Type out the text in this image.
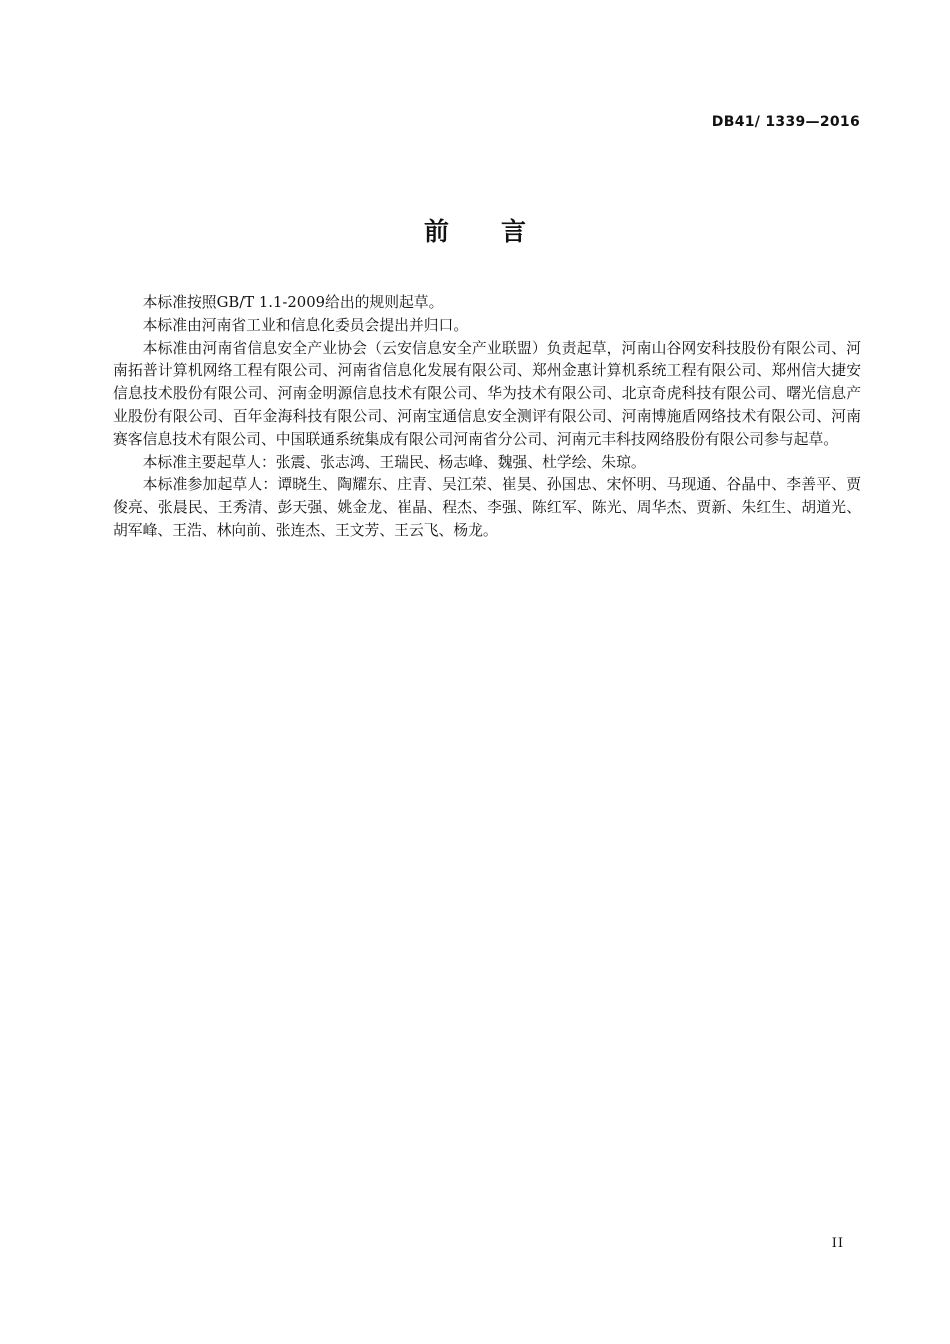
DB41/ 1339—2016
前 言

本标准按照GB/T 1.1-2009给出的规则起草。

本标准由河南省工业和信息化委员会提出并归口。

本标准由河南省信息安全产业协会（云安信息安全产业联盟）负责起草，河南山谷网安科技股份有限公司、河南拓普计算机网络工程有限公司、河南省信息化发展有限公司、郑州金惠计算机系统工程有限公司、郑州信大捷安信息技术股份有限公司、河南金明源信息技术有限公司、华为技术有限公司、北京奇虎科技有限公司、曙光信息产业股份有限公司、百年金海科技有限公司、河南宝通信息安全测评有限公司、河南博施盾网络技术有限公司、河南赛客信息技术有限公司、中国联通系统集成有限公司河南省分公司、河南元丰科技网络股份有限公司参与起草。

本标准主要起草人：张震、张志鸿、王瑞民、杨志峰、魏强、杜学绘、朱琼。

本标准参加起草人：谭晓生、陶耀东、庄青、吴江荣、崔昊、孙国忠、宋怀明、马现通、谷晶中、李善平、贾俊亮、张晨民、王秀清、彭天强、姚金龙、崔晶、程杰、李强、陈红军、陈光、周华杰、贾新、朱红生、胡道光、胡军峰、王浩、林向前、张连杰、王文芳、王云飞、杨龙。

II
